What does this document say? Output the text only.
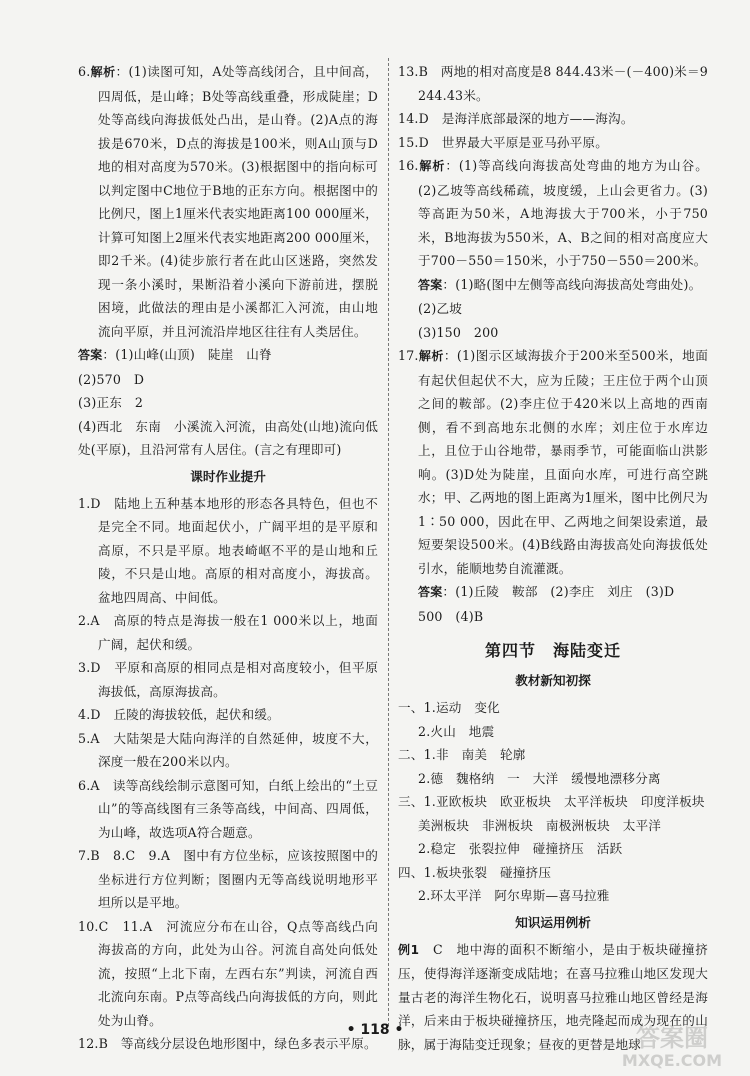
6.解析：(1)读图可知，A处等高线闭合，且中间高，四周低，是山峰；B处等高线重叠，形成陡崖；D处等高线向海拔低处凸出，是山脊。(2)A点的海拔是670米，D点的海拔是100米，则A山顶与D地的相对高度为570米。(3)根据图中的指向标可以判定图中C地位于B地的正东方向。根据图中的比例尺，图上1厘米代表实地距离100 000厘米，计算可知图上2厘米代表实地距离200 000厘米，即2千米。(4)徒步旅行者在此山区迷路，突然发现一条小溪时，果断沿着小溪向下游前进，摆脱困境，此做法的理由是小溪都汇入河流，由山地流向平原，并且河流沿岸地区往往有人类居住。

答案：(1)山峰(山顶)　陡崖　山脊

(2)570　D

(3)正东　2

(4)西北　东南　小溪流入河流，由高处(山地)流向低处(平原)，且沿河常有人居住。(言之有理即可)

课时作业提升

1.D　陆地上五种基本地形的形态各具特色，但也不是完全不同。地面起伏小，广阔平坦的是平原和高原，不只是平原。地表崎岖不平的是山地和丘陵，不只是山地。高原的相对高度小，海拔高。盆地四周高、中间低。

2.A　高原的特点是海拔一般在1 000米以上，地面广阔，起伏和缓。

3.D　平原和高原的相同点是相对高度较小，但平原海拔低，高原海拔高。

4.D　丘陵的海拔较低，起伏和缓。

5.A　大陆架是大陆向海洋的自然延伸，坡度不大，深度一般在200米以内。

6.A　读等高线绘制示意图可知，白纸上绘出的“土豆山”的等高线图有三条等高线，中间高、四周低，为山峰，故选项A符合题意。

7.B　8.C　9.A　图中有方位坐标，应该按照图中的坐标进行方位判断；图圈内无等高线说明地形平坦所以是平地。

10.C　11.A　河流应分布在山谷，Q点等高线凸向海拔高的方向，此处为山谷。河流自高处向低处流，按照“上北下南，左西右东”判读，河流自西北流向东南。P点等高线凸向海拔低的方向，则此处为山脊。

12.B　等高线分层设色地形图中，绿色多表示平原。

13.B　两地的相对高度是8 844.43米－(－400)米＝9 244.43米。

14.D　是海洋底部最深的地方——海沟。

15.D　世界最大平原是亚马孙平原。

16.解析：(1)等高线向海拔高处弯曲的地方为山谷。(2)乙坡等高线稀疏，坡度缓，上山会更省力。(3)等高距为50米，A地海拔大于700米，小于750米，B地海拔为550米，A、B之间的相对高度应大于700－550＝150米，小于750－550＝200米。

答案：(1)略(图中左侧等高线向海拔高处弯曲处)。

(2)乙坡

(3)150　200

17.解析：(1)图示区域海拔介于200米至500米，地面有起伏但起伏不大，应为丘陵；王庄位于两个山顶之间的鞍部。(2)李庄位于420米以上高地的西南侧，看不到高地东北侧的水库；刘庄位于水库边上，且位于山谷地带，暴雨季节，可能面临山洪影响。(3)D处为陡崖，且面向水库，可进行高空跳水；甲、乙两地的图上距离为1厘米，图中比例尺为1∶50 000，因此在甲、乙两地之间架设索道，最短要架设500米。(4)B线路由海拔高处向海拔低处引水，能顺地势自流灌溉。

答案：(1)丘陵　鞍部　(2)李庄　刘庄　(3)D

500　(4)B

第四节　海陆变迁
教材新知初探

一、1.运动　变化

2.火山　地震

二、1.非　南美　轮廓

2.德　魏格纳　一　大洋　缓慢地漂移分离

三、1.亚欧板块　欧亚板块　太平洋板块　印度洋板块

美洲板块　非洲板块　南极洲板块　太平洋

2.稳定　张裂拉伸　碰撞挤压　活跃

四、1.板块张裂　碰撞挤压

2.环太平洋　阿尔卑斯—喜马拉雅

知识运用例析

例1　C　地中海的面积不断缩小，是由于板块碰撞挤压，使得海洋逐渐变成陆地；在喜马拉雅山地区发现大量古老的海洋生物化石，说明喜马拉雅山地区曾经是海洋，后来由于板块碰撞挤压，地壳隆起而成为现在的山脉，属于海陆变迁现象；昼夜的更替是地球

• 118 •	答案圈
MXQE.COM
